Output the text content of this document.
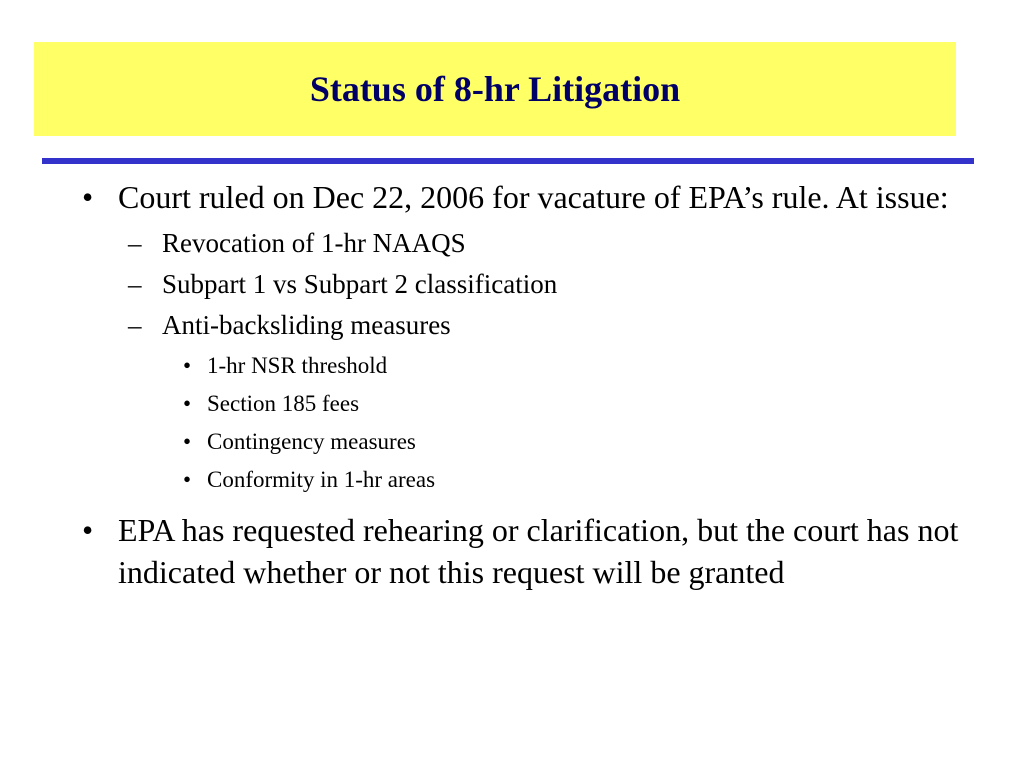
Status of 8-hr Litigation
• Court ruled on Dec 22, 2006 for vacature of EPA’s rule. At issue:
– Revocation of 1-hr NAAQS
– Subpart 1 vs Subpart 2 classification
– Anti-backsliding measures
• 1-hr NSR threshold
• Section 185 fees
• Contingency measures
• Conformity in 1-hr areas
• EPA has requested rehearing or clarification, but the court has not indicated whether or not this request will be granted
